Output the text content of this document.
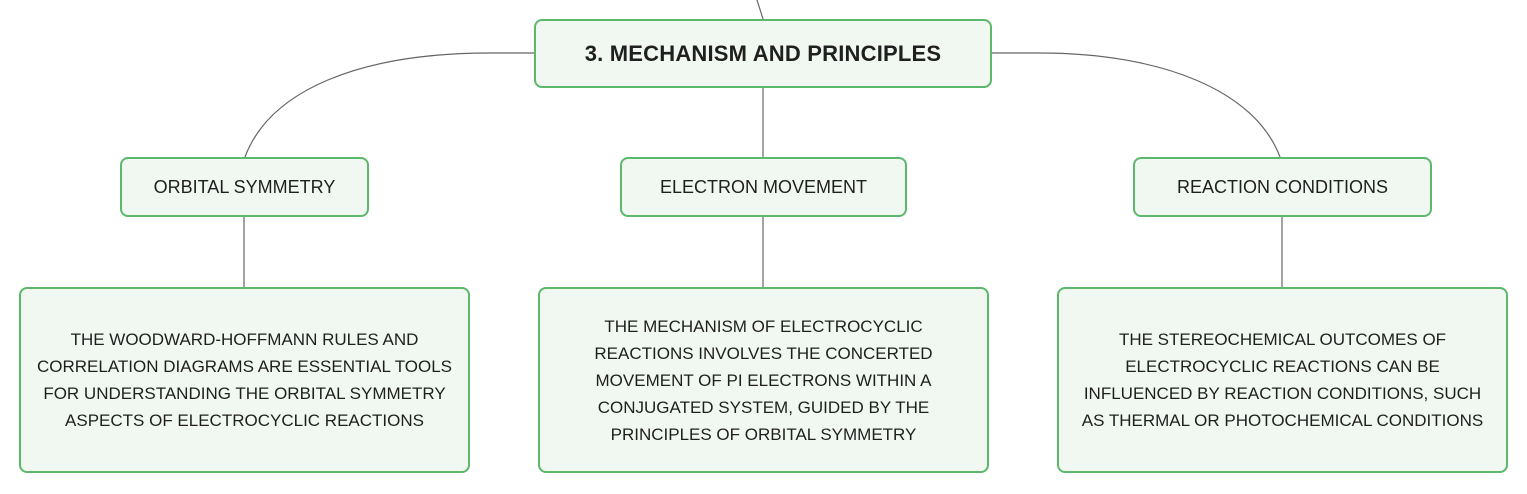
3. MECHANISM AND PRINCIPLES
ORBITAL SYMMETRY	ELECTRON MOVEMENT	REACTION CONDITIONS
THE WOODWARD-HOFFMANN RULES AND CORRELATION DIAGRAMS ARE ESSENTIAL TOOLS FOR UNDERSTANDING THE ORBITAL SYMMETRY ASPECTS OF ELECTROCYCLIC REACTIONS
THE MECHANISM OF ELECTROCYCLIC REACTIONS INVOLVES THE CONCERTED MOVEMENT OF PI ELECTRONS WITHIN A CONJUGATED SYSTEM, GUIDED BY THE PRINCIPLES OF ORBITAL SYMMETRY
THE STEREOCHEMICAL OUTCOMES OF ELECTROCYCLIC REACTIONS CAN BE INFLUENCED BY REACTION CONDITIONS, SUCH AS THERMAL OR PHOTOCHEMICAL CONDITIONS
